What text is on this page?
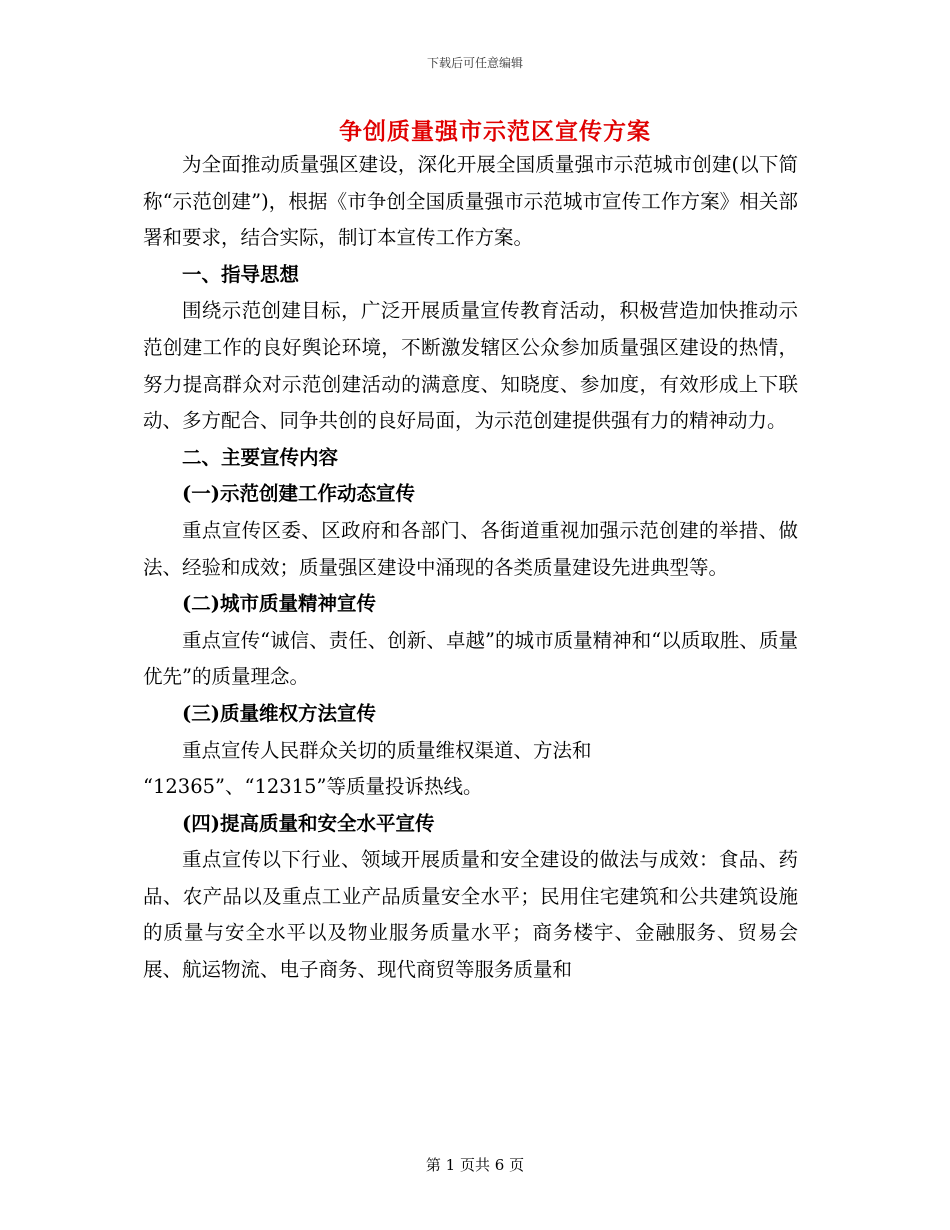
下载后可任意编辑
争创质量强市示范区宣传方案

为全面推动质量强区建设，深化开展全国质量强市示范城市创建(以下简称“示范创建”)，根据《市争创全国质量强市示范城市宣传工作方案》相关部署和要求，结合实际，制订本宣传工作方案。

一、指导思想

围绕示范创建目标，广泛开展质量宣传教育活动，积极营造加快推动示范创建工作的良好舆论环境，不断激发辖区公众参加质量强区建设的热情，努力提高群众对示范创建活动的满意度、知晓度、参加度，有效形成上下联动、多方配合、同争共创的良好局面，为示范创建提供强有力的精神动力。

二、主要宣传内容

(一)示范创建工作动态宣传

重点宣传区委、区政府和各部门、各街道重视加强示范创建的举措、做法、经验和成效；质量强区建设中涌现的各类质量建设先进典型等。

(二)城市质量精神宣传

重点宣传“诚信、责任、创新、卓越”的城市质量精神和“以质取胜、质量优先”的质量理念。

(三)质量维权方法宣传

重点宣传人民群众关切的质量维权渠道、方法和

“12365”、“12315”等质量投诉热线。

(四)提高质量和安全水平宣传

重点宣传以下行业、领域开展质量和安全建设的做法与成效：食品、药品、农产品以及重点工业产品质量安全水平；民用住宅建筑和公共建筑设施的质量与安全水平以及物业服务质量水平；商务楼宇、金融服务、贸易会展、航运物流、电子商务、现代商贸等服务质量和

第 1 页共 6 页
